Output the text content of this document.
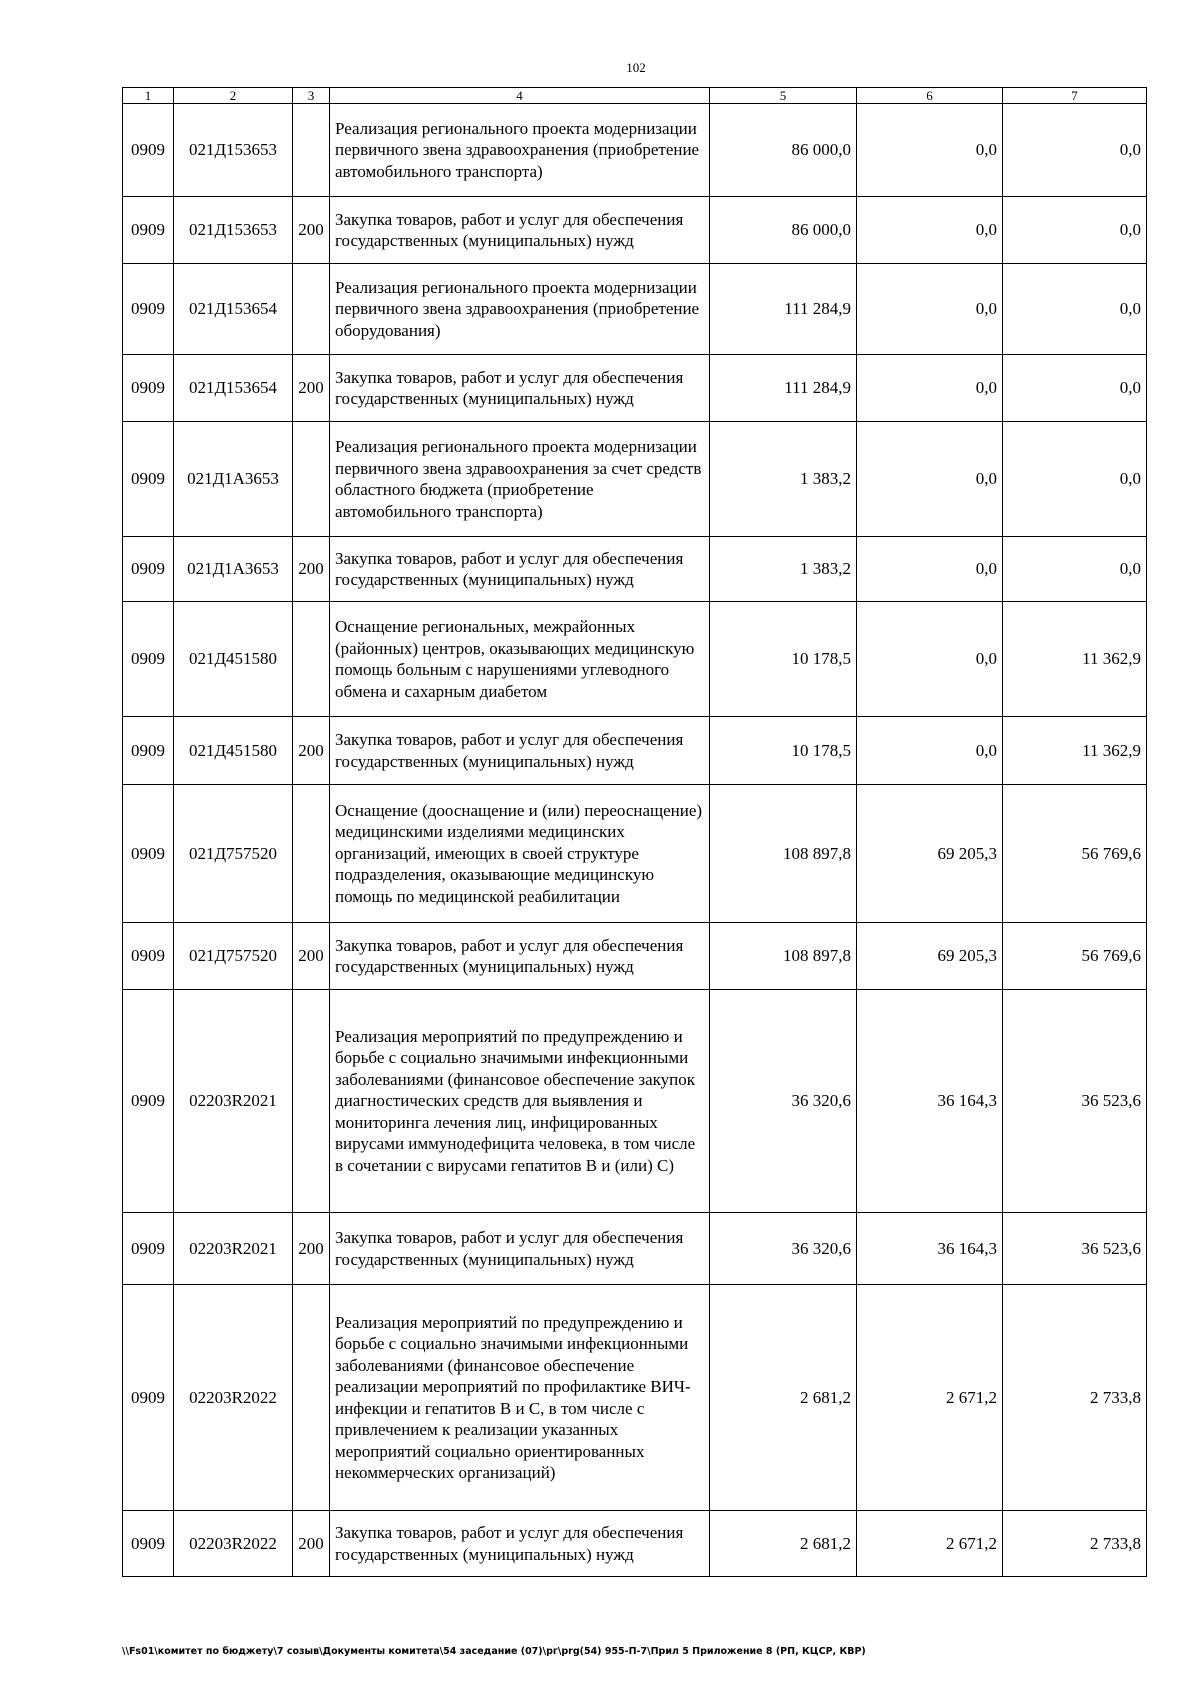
102
1	2	3	4	5	6	7
0909	021Д153653		Реализация регионального проекта модернизации первичного звена здравоохранения (приобретение автомобильного транспорта)	86 000,0	0,0	0,0
0909	021Д153653	200	Закупка товаров, работ и услуг для обеспечения государственных (муниципальных) нужд	86 000,0	0,0	0,0
0909	021Д153654		Реализация регионального проекта модернизации первичного звена здравоохранения (приобретение оборудования)	111 284,9	0,0	0,0
0909	021Д153654	200	Закупка товаров, работ и услуг для обеспечения государственных (муниципальных) нужд	111 284,9	0,0	0,0
0909	021Д1А3653		Реализация регионального проекта модернизации первичного звена здравоохранения за счет средств областного бюджета (приобретение автомобильного транспорта)	1 383,2	0,0	0,0
0909	021Д1А3653	200	Закупка товаров, работ и услуг для обеспечения государственных (муниципальных) нужд	1 383,2	0,0	0,0
0909	021Д451580		Оснащение региональных, межрайонных (районных) центров, оказывающих медицинскую помощь больным с нарушениями углеводного обмена и сахарным диабетом	10 178,5	0,0	11 362,9
0909	021Д451580	200	Закупка товаров, работ и услуг для обеспечения государственных (муниципальных) нужд	10 178,5	0,0	11 362,9
0909	021Д757520		Оснащение (дооснащение и (или) переоснащение) медицинскими изделиями медицинских организаций, имеющих в своей структуре подразделения, оказывающие медицинскую помощь по медицинской реабилитации	108 897,8	69 205,3	56 769,6
0909	021Д757520	200	Закупка товаров, работ и услуг для обеспечения государственных (муниципальных) нужд	108 897,8	69 205,3	56 769,6
0909	02203R2021		Реализация мероприятий по предупреждению и борьбе с социально значимыми инфекционными заболеваниями (финансовое обеспечение закупок диагностических средств для выявления и мониторинга лечения лиц, инфицированных вирусами иммунодефицита человека, в том числе в сочетании с вирусами гепатитов В и (или) С)	36 320,6	36 164,3	36 523,6
0909	02203R2021	200	Закупка товаров, работ и услуг для обеспечения государственных (муниципальных) нужд	36 320,6	36 164,3	36 523,6
0909	02203R2022		Реализация мероприятий по предупреждению и борьбе с социально значимыми инфекционными заболеваниями (финансовое обеспечение реализации мероприятий по профилактике ВИЧ-инфекции и гепатитов В и С, в том числе с привлечением к реализации указанных мероприятий социально ориентированных некоммерческих организаций)	2 681,2	2 671,2	2 733,8
0909	02203R2022	200	Закупка товаров, работ и услуг для обеспечения государственных (муниципальных) нужд	2 681,2	2 671,2	2 733,8
\\Fs01\комитет по бюджету\7 созыв\Документы комитета\54 заседание (07)\рг\prg(54) 955-П-7\Прил 5 Приложение 8 (РП, КЦСР, КВР)
